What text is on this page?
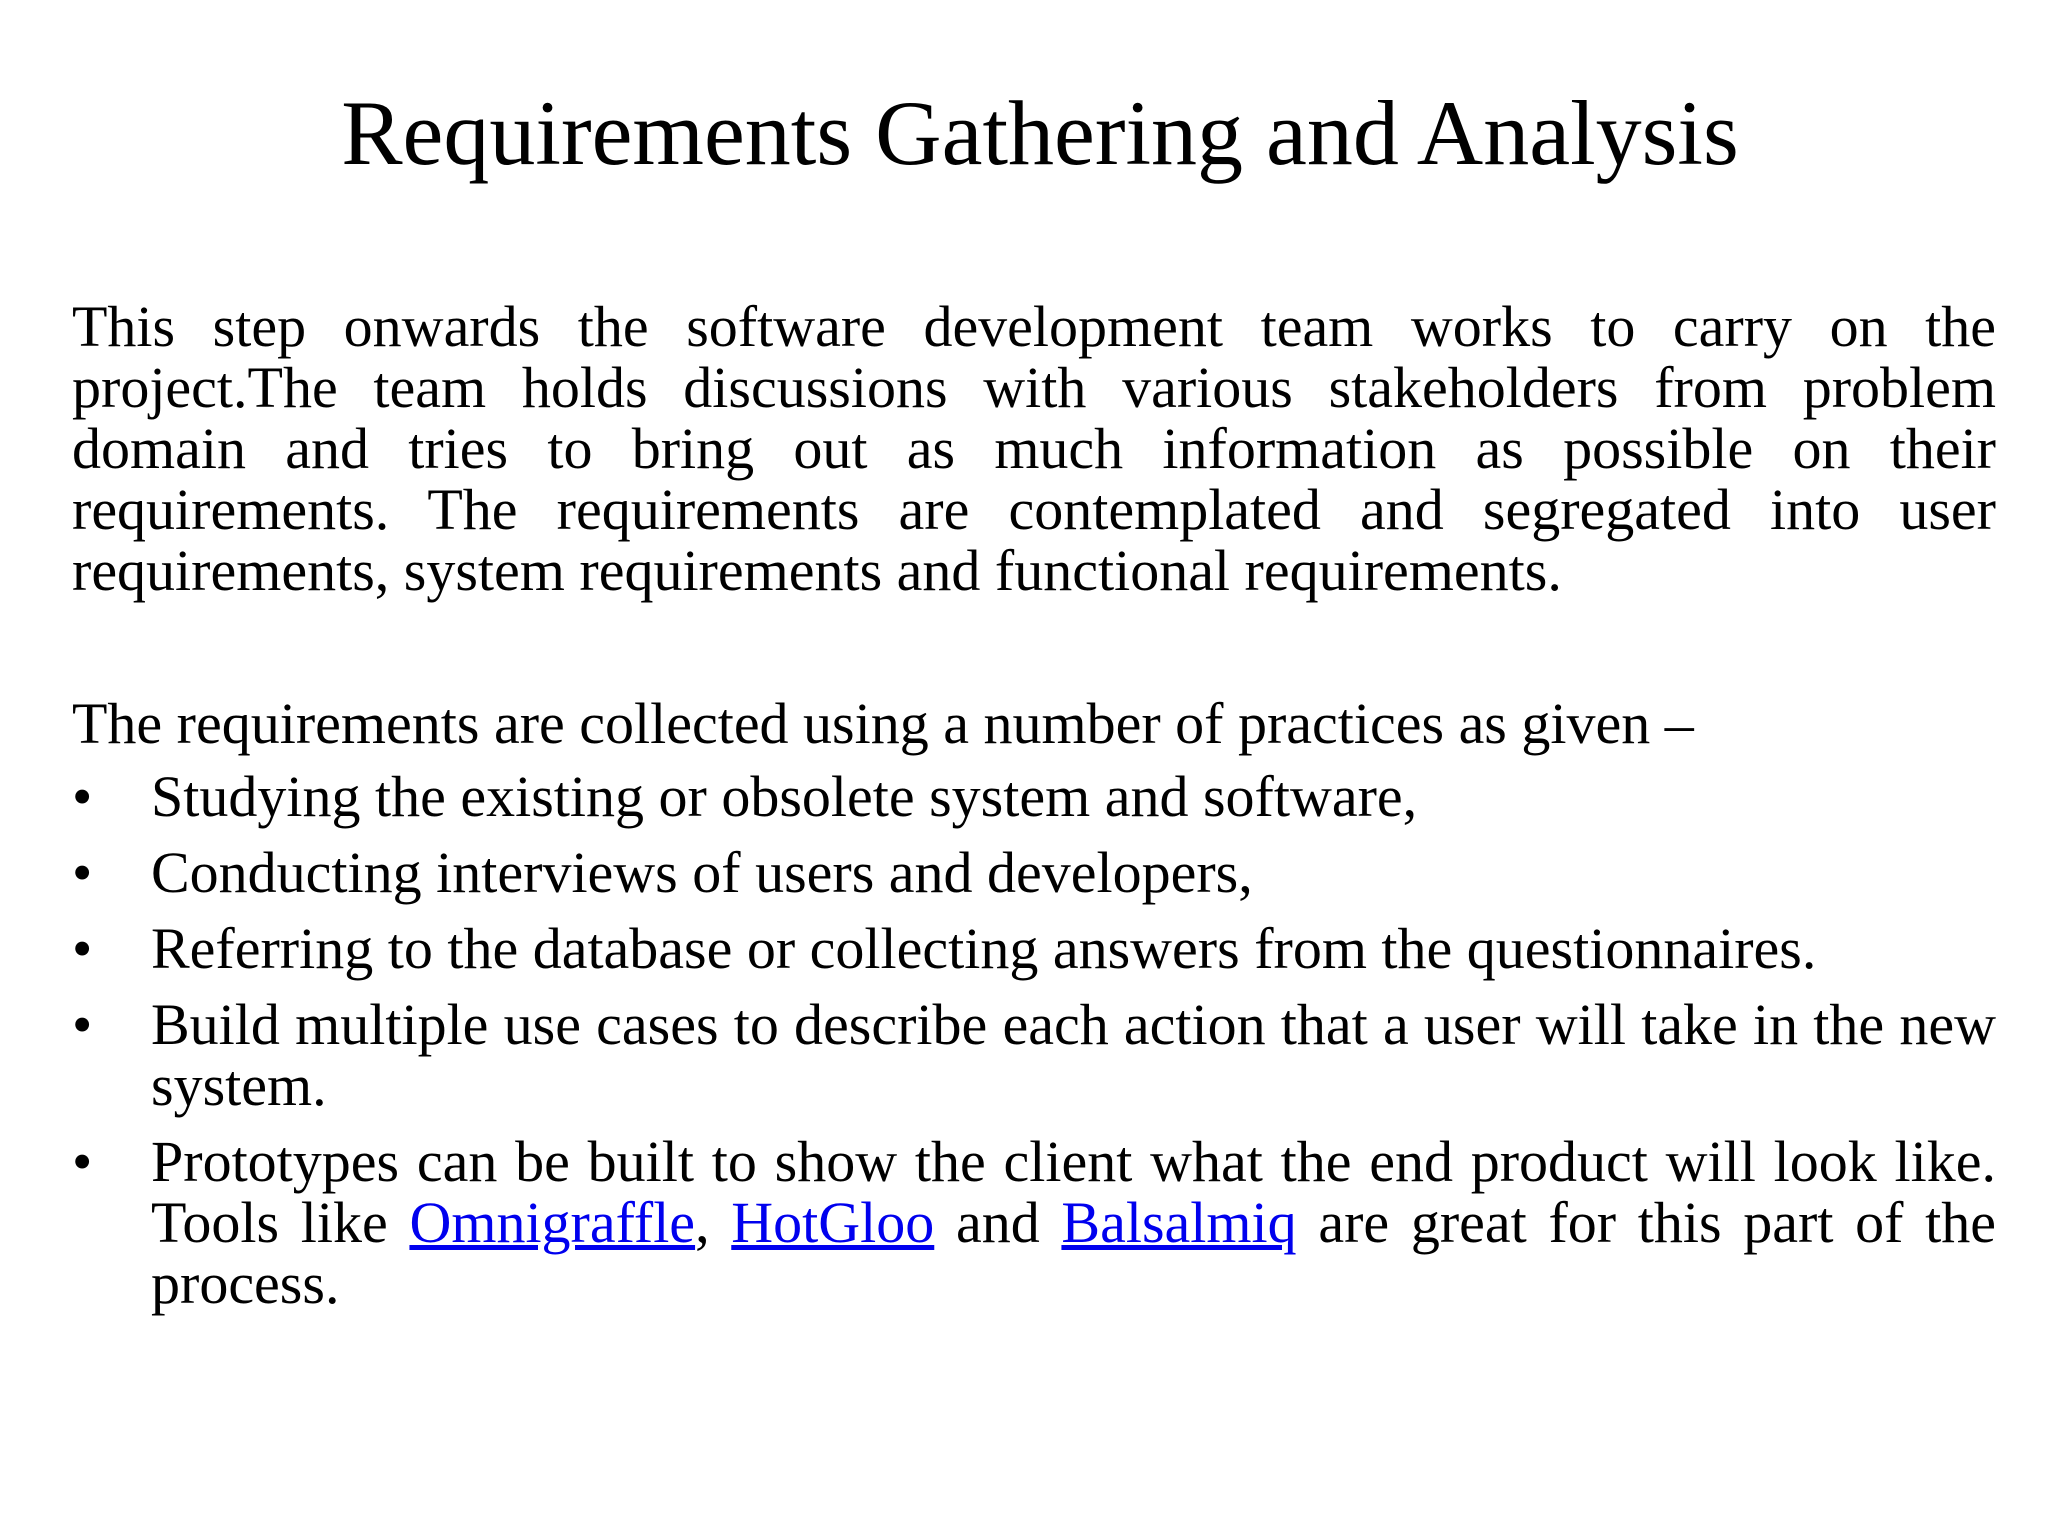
Requirements Gathering and Analysis

This step onwards the software development team works to carry on the project.The team holds discussions with various stakeholders from problem domain and tries to bring out as much information as possible on their requirements. The requirements are contemplated and segregated into user requirements, system requirements and functional requirements.

The requirements are collected using a number of practices as given –

• Studying the existing or obsolete system and software,
• Conducting interviews of users and developers,
• Referring to the database or collecting answers from the questionnaires.
• Build multiple use cases to describe each action that a user will take in the new system.
• Prototypes can be built to show the client what the end product will look like. Tools like Omnigraffle, HotGloo and Balsalmiq are great for this part of the process.
